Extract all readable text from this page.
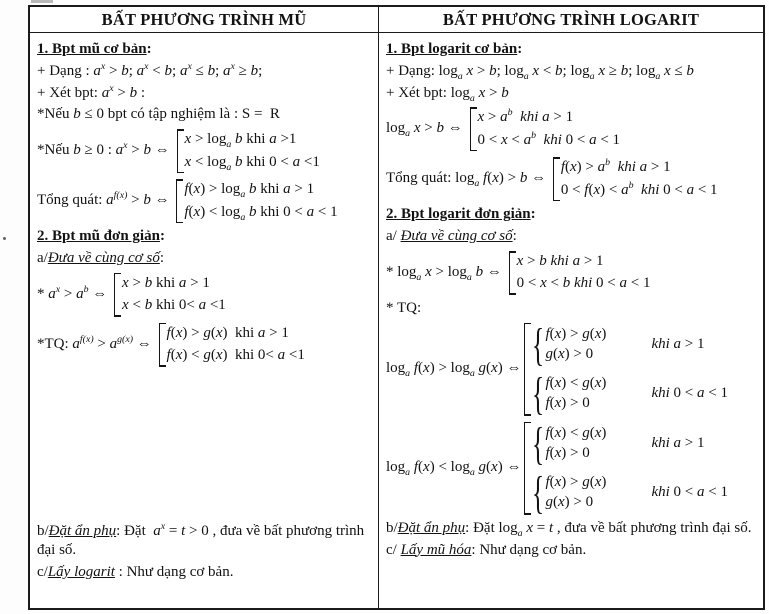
BẤT PHƯƠNG TRÌNH MŨ	BẤT PHƯƠNG TRÌNH LOGARIT
1. Bpt mũ cơ bản:
+ Dạng : $a^x > b$; $a^x < b$; $a^x \le b$; $a^x \ge b$;
+ Xét bpt: $a^x > b$ :
*Nếu b ≤ 0 bpt có tập nghiệm là : S =  R
*Nếu b ≥ 0 : $a^x > b$ ⇔
$x > \log_a b$ khi a >1
$x < \log_a b$ khi 0 < a <1
Tổng quát: $a^{f(x)} > b$ ⇔
$f(x) > \log_a b$ khi a > 1
$f(x) < \log_a b$ khi 0 < a < 1
2. Bpt mũ đơn giản:
a/Đưa về cùng cơ số:
* $a^x > a^b$ ⇔
x > b khi a > 1
x < b khi 0< a <1
*TQ: $a^{f(x)} > a^{g(x)}$ ⇔
f(x) > g(x)  khi a > 1
f(x) < g(x)  khi 0< a <1
b/Đặt ẩn phụ: Đặt  $a^x = t > 0$ , đưa về bất phương trình đại số.
c/Lấy logarit : Như dạng cơ bản.
1. Bpt logarit cơ bản:
+ Dạng: $\log_a x > b$; $\log_a x < b$; $\log_a x \ge b$; $\log_a x \le b$
+ Xét bpt: $\log_a x > b$
$\log_a x > b$ ⇔
$x > a^b$  khi a > 1
$0 < x < a^b$  khi 0 < a < 1
Tổng quát: $\log_a f(x) > b$ ⇔
$f(x) > a^b$  khi a > 1
$0 < f(x) < a^b$  khi 0 < a < 1
2. Bpt logarit đơn giản:
a/ Đưa về cùng cơ số:
* $\log_a x > \log_a b$ ⇔
x > b khi a > 1
0 < x < b khi 0 < a < 1
* TQ:
$\log_a f(x) > \log_a g(x)$ ⇔ { f(x) > g(x)
g(x) > 0
khi a > 1
{ f(x) < g(x)
f(x) > 0
khi 0 < a < 1
$\log_a f(x) < \log_a g(x)$ ⇔ { f(x) < g(x)
f(x) > 0
khi a > 1
{ f(x) > g(x)
g(x) > 0
khi 0 < a < 1
b/Đặt ẩn phụ: Đặt $\log_a x = t$ , đưa về bất phương trình đại số.
c/ Lấy mũ hóa: Như dạng cơ bản.
